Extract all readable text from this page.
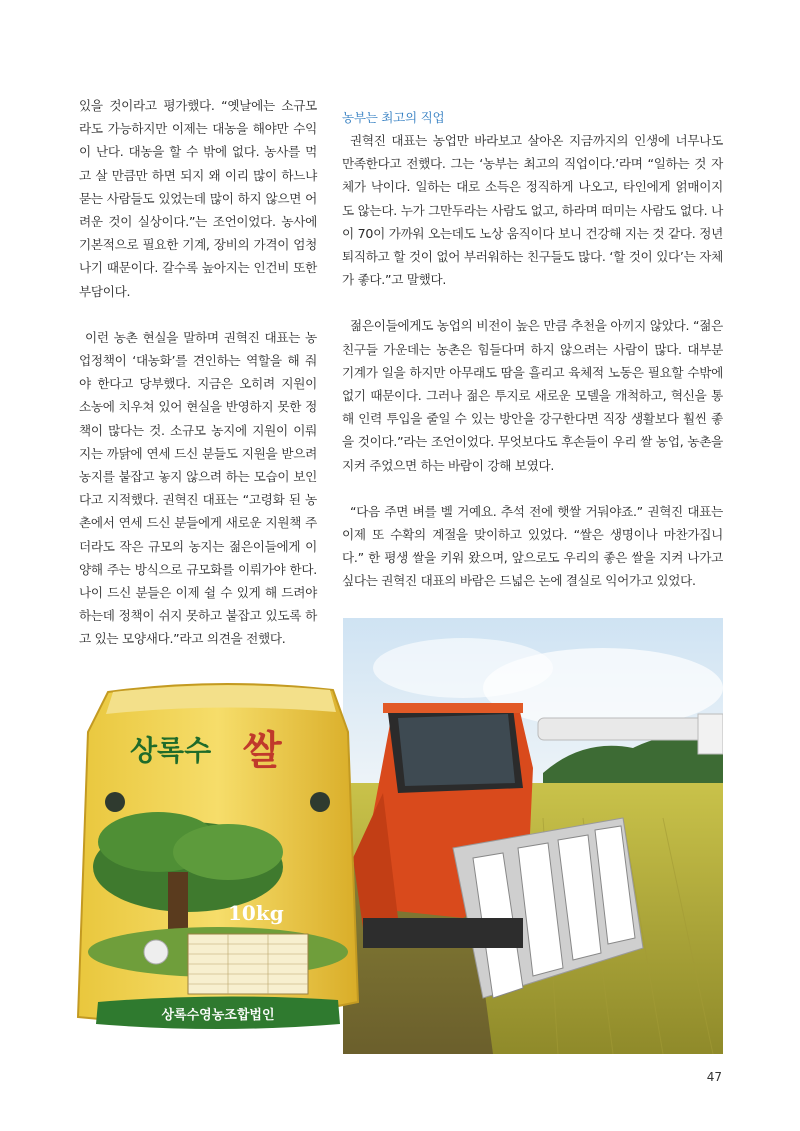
있을 것이라고 평가했다. “옛날에는 소규모라도 가능하지만 이제는 대농을 해야만 수익이 난다. 대농을 할 수 밖에 없다. 농사를 먹고 살 만큼만 하면 되지 왜 이리 많이 하느냐 묻는 사람들도 있었는데 많이 하지 않으면 어려운 것이 실상이다.”는 조언이었다. 농사에 기본적으로 필요한 기계, 장비의 가격이 엄청나기 때문이다. 갈수록 높아지는 인건비 또한 부담이다.

이런 농촌 현실을 말하며 권혁진 대표는 농업정책이 ‘대농화’를 견인하는 역할을 해 줘야 한다고 당부했다. 지금은 오히려 지원이 소농에 치우쳐 있어 현실을 반영하지 못한 정책이 많다는 것. 소규모 농지에 지원이 이뤄지는 까닭에 연세 드신 분들도 지원을 받으려 농지를 붙잡고 놓지 않으려 하는 모습이 보인다고 지적했다. 권혁진 대표는 “고령화 된 농촌에서 연세 드신 분들에게 새로운 지원책 주더라도 작은 규모의 농지는 젊은이들에게 이양해 주는 방식으로 규모화를 이뤄가야 한다. 나이 드신 분들은 이제 쉴 수 있게 해 드려야 하는데 정책이 쉬지 못하고 붙잡고 있도록 하고 있는 모양새다.”라고 의견을 전했다.

농부는 최고의 직업

권혁진 대표는 농업만 바라보고 살아온 지금까지의 인생에 너무나도 만족한다고 전했다. 그는 ‘농부는 최고의 직업이다.’라며 “일하는 것 자체가 낙이다. 일하는 대로 소득은 정직하게 나오고, 타인에게 얽매이지도 않는다. 누가 그만두라는 사람도 없고, 하라며 떠미는 사람도 없다. 나이 70이 가까워 오는데도 노상 움직이다 보니 건강해 지는 것 같다. 정년퇴직하고 할 것이 없어 부러워하는 친구들도 많다. ‘할 것이 있다’는 자체가 좋다.”고 말했다.

젊은이들에게도 농업의 비전이 높은 만큼 추천을 아끼지 않았다. “젊은 친구들 가운데는 농촌은 힘들다며 하지 않으려는 사람이 많다. 대부분 기계가 일을 하지만 아무래도 땀을 흘리고 육체적 노동은 필요할 수밖에 없기 때문이다. 그러나 젊은 투지로 새로운 모델을 개척하고, 혁신을 통해 인력 투입을 줄일 수 있는 방안을 강구한다면 직장 생활보다 훨씬 좋을 것이다.”라는 조언이었다. 무엇보다도 후손들이 우리 쌀 농업, 농촌을 지켜 주었으면 하는 바람이 강해 보였다.

“다음 주면 벼를 벨 거예요. 추석 전에 햇쌀 거둬야죠.” 권혁진 대표는 이제 또 수확의 계절을 맞이하고 있었다. “쌀은 생명이나 마찬가집니다.” 한 평생 쌀을 키워 왔으며, 앞으로도 우리의 좋은 쌀을 지켜 나가고 싶다는 권혁진 대표의 바람은 드넓은 논에 결실로 익어가고 있었다.

상록수 쌀
10kg
상록수영농조합법인
47
